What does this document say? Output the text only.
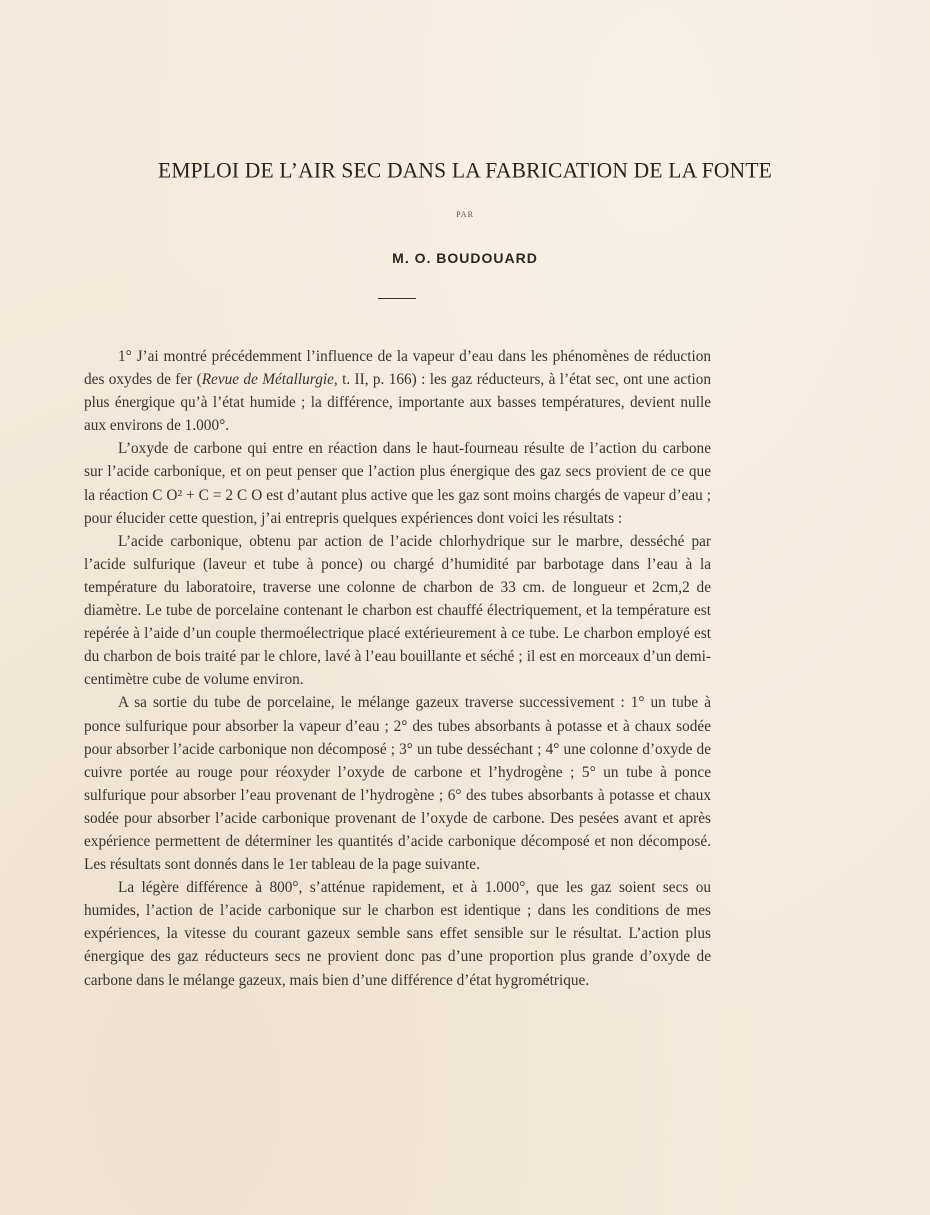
EMPLOI DE L’AIR SEC DANS LA FABRICATION DE LA FONTE
PAR
M. O. BOUDOUARD

1° J’ai montré précédemment l’influence de la vapeur d’eau dans les phénomènes de réduction des oxydes de fer (Revue de Métallurgie, t. II, p. 166) : les gaz réducteurs, à l’état sec, ont une action plus énergique qu’à l’état humide ; la différence, importante aux basses températures, devient nulle aux environs de 1.000°.

L’oxyde de carbone qui entre en réaction dans le haut-fourneau résulte de l’action du carbone sur l’acide carbonique, et on peut penser que l’action plus énergique des gaz secs provient de ce que la réaction C O² + C = 2 C O est d’autant plus active que les gaz sont moins chargés de vapeur d’eau ; pour élucider cette question, j’ai entrepris quelques expériences dont voici les résultats :

L’acide carbonique, obtenu par action de l’acide chlorhydrique sur le marbre, desséché par l’acide sulfurique (laveur et tube à ponce) ou chargé d’humidité par barbotage dans l’eau à la température du laboratoire, traverse une colonne de charbon de 33 cm. de longueur et 2cm,2 de diamètre. Le tube de porcelaine contenant le charbon est chauffé électriquement, et la température est repérée à l’aide d’un couple thermoélectrique placé extérieurement à ce tube. Le charbon employé est du charbon de bois traité par le chlore, lavé à l’eau bouillante et séché ; il est en morceaux d’un demi-centimètre cube de volume environ.

A sa sortie du tube de porcelaine, le mélange gazeux traverse successivement : 1° un tube à ponce sulfurique pour absorber la vapeur d’eau ; 2° des tubes absorbants à potasse et à chaux sodée pour absorber l’acide carbonique non décomposé ; 3° un tube desséchant ; 4° une colonne d’oxyde de cuivre portée au rouge pour réoxyder l’oxyde de carbone et l’hydrogène ; 5° un tube à ponce sulfurique pour absorber l’eau provenant de l’hydrogène ; 6° des tubes absorbants à potasse et chaux sodée pour absorber l’acide carbonique provenant de l’oxyde de carbone. Des pesées avant et après expérience permettent de déterminer les quantités d’acide carbonique décomposé et non décomposé. Les résultats sont donnés dans le 1er tableau de la page suivante.

La légère différence à 800°, s’atténue rapidement, et à 1.000°, que les gaz soient secs ou humides, l’action de l’acide carbonique sur le charbon est identique ; dans les conditions de mes expériences, la vitesse du courant gazeux semble sans effet sensible sur le résultat. L’action plus énergique des gaz réducteurs secs ne provient donc pas d’une proportion plus grande d’oxyde de carbone dans le mélange gazeux, mais bien d’une différence d’état hygrométrique.
